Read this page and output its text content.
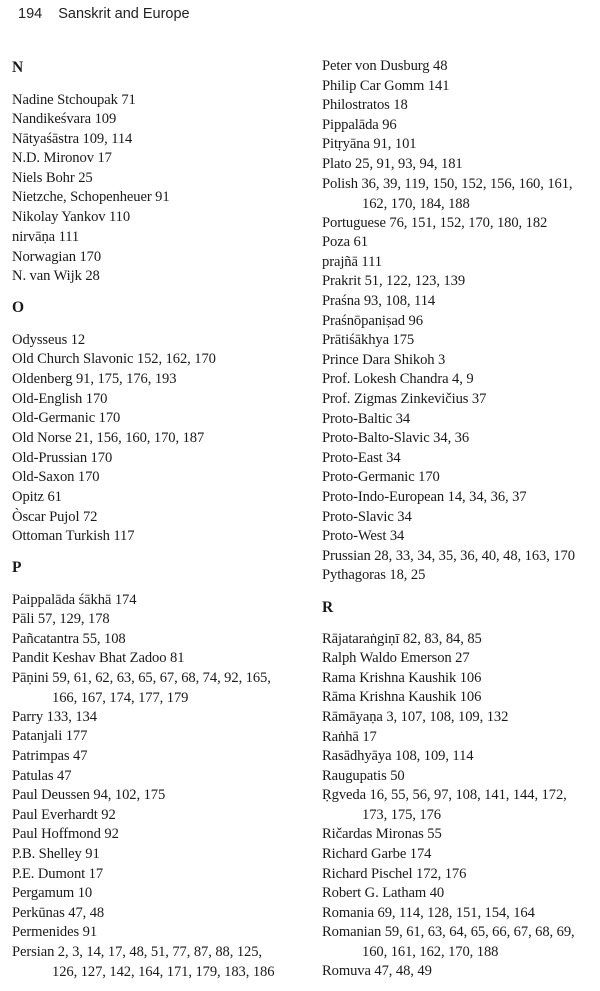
194 Sanskrit and Europe
N
Nadine Stchoupak 71
Nandikeśvara 109
Nātyaśāstra 109, 114
N.D. Mironov 17
Niels Bohr 25
Nietzche, Schopenheuer 91
Nikolay Yankov 110
nirvāṇa 111
Norwagian 170
N. van Wijk 28
O
Odysseus 12
Old Church Slavonic 152, 162, 170
Oldenberg 91, 175, 176, 193
Old-English 170
Old-Germanic 170
Old Norse 21, 156, 160, 170, 187
Old-Prussian 170
Old-Saxon 170
Opitz 61
Òscar Pujol 72
Ottoman Turkish 117
P
Paippalāda śākhā 174
Pāli 57, 129, 178
Pañcatantra 55, 108
Pandit Keshav Bhat Zadoo 81
Pāṇini 59, 61, 62, 63, 65, 67, 68, 74, 92, 165,

166, 167, 174, 177, 179
Parry 133, 134
Patanjali 177
Patrimpas 47
Patulas 47
Paul Deussen 94, 102, 175
Paul Everhardt 92
Paul Hoffmond 92
P.B. Shelley 91
P.E. Dumont 17
Pergamum 10
Perkūnas 47, 48
Permenides 91
Persian 2, 3, 14, 17, 48, 51, 77, 87, 88, 125,

126, 127, 142, 164, 171, 179, 183, 186
Peter von Dusburg 48
Philip Car Gomm 141
Philostratos 18
Pippalāda 96
Pitṛyāna 91, 101
Plato 25, 91, 93, 94, 181
Polish 36, 39, 119, 150, 152, 156, 160, 161,

162, 170, 184, 188
Portuguese 76, 151, 152, 170, 180, 182
Poza 61
prajñā 111
Prakrit 51, 122, 123, 139
Praśna 93, 108, 114
Praśnōpaniṣad 96
Prātiśākhya 175
Prince Dara Shikoh 3
Prof. Lokesh Chandra 4, 9
Prof. Zigmas Zinkevičius 37
Proto-Baltic 34
Proto-Balto-Slavic 34, 36
Proto-East 34
Proto-Germanic 170
Proto-Indo-European 14, 34, 36, 37
Proto-Slavic 34
Proto-West 34
Prussian 28, 33, 34, 35, 36, 40, 48, 163, 170
Pythagoras 18, 25
R
Rājataraṅgiṇī 82, 83, 84, 85
Ralph Waldo Emerson 27
Rama Krishna Kaushik 106
Rāma Krishna Kaushik 106
Rāmāyaṇa 3, 107, 108, 109, 132
Raṅhā 17
Rasādhyāya 108, 109, 114
Raugupatis 50
Ṛgveda 16, 55, 56, 97, 108, 141, 144, 172,

173, 175, 176
Ričardas Mironas 55
Richard Garbe 174
Richard Pischel 172, 176
Robert G. Latham 40
Romania 69, 114, 128, 151, 154, 164
Romanian 59, 61, 63, 64, 65, 66, 67, 68, 69,

160, 161, 162, 170, 188
Romuva 47, 48, 49
